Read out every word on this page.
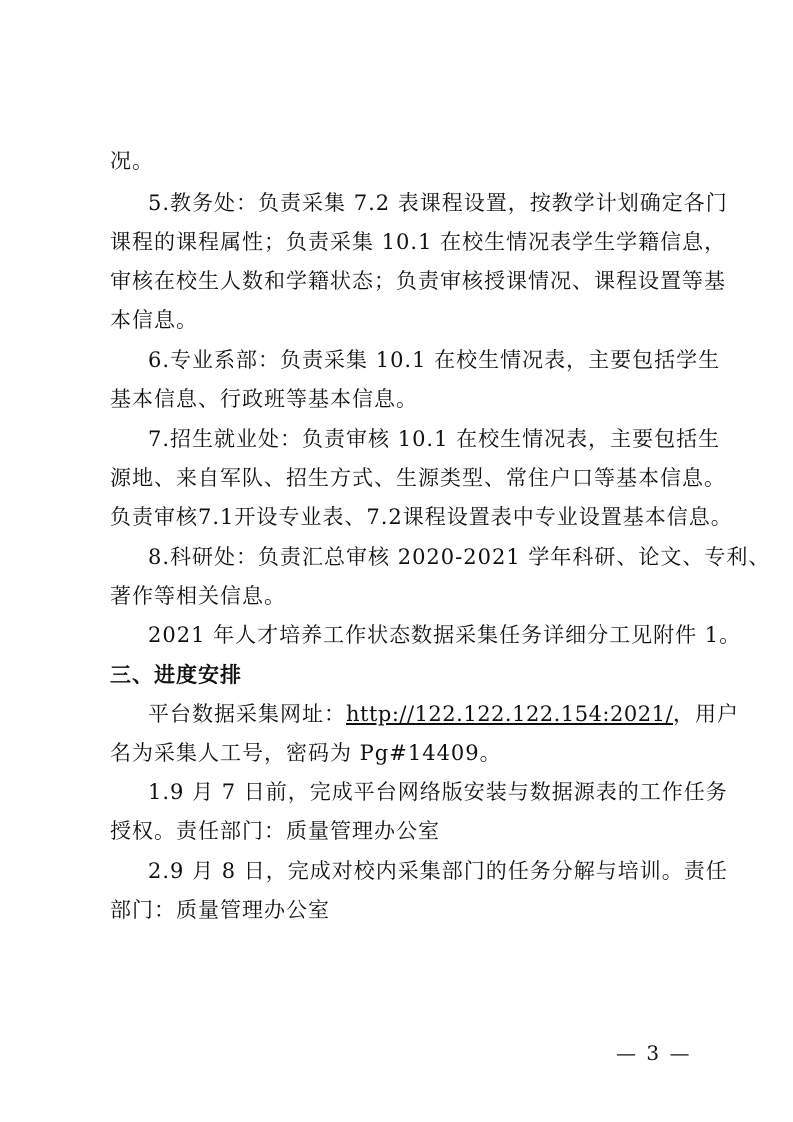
况。
5.教务处：负责采集 7.2 表课程设置，按教学计划确定各门
课程的课程属性；负责采集 10.1 在校生情况表学生学籍信息，
审核在校生人数和学籍状态；负责审核授课情况、课程设置等基
本信息。
6.专业系部：负责采集 10.1 在校生情况表，主要包括学生
基本信息、行政班等基本信息。
7.招生就业处：负责审核 10.1 在校生情况表，主要包括生
源地、来自军队、招生方式、生源类型、常住户口等基本信息。
负责审核7.1开设专业表、7.2课程设置表中专业设置基本信息。
8.科研处：负责汇总审核 2020-2021 学年科研、论文、专利、
著作等相关信息。
2021 年人才培养工作状态数据采集任务详细分工见附件 1。
三、进度安排
平台数据采集网址：http://122.122.122.154:2021/，用户
名为采集人工号，密码为 Pg#14409。
1.9 月 7 日前，完成平台网络版安装与数据源表的工作任务
授权。责任部门：质量管理办公室
2.9 月 8 日，完成对校内采集部门的任务分解与培训。责任
部门：质量管理办公室
— 3 —
